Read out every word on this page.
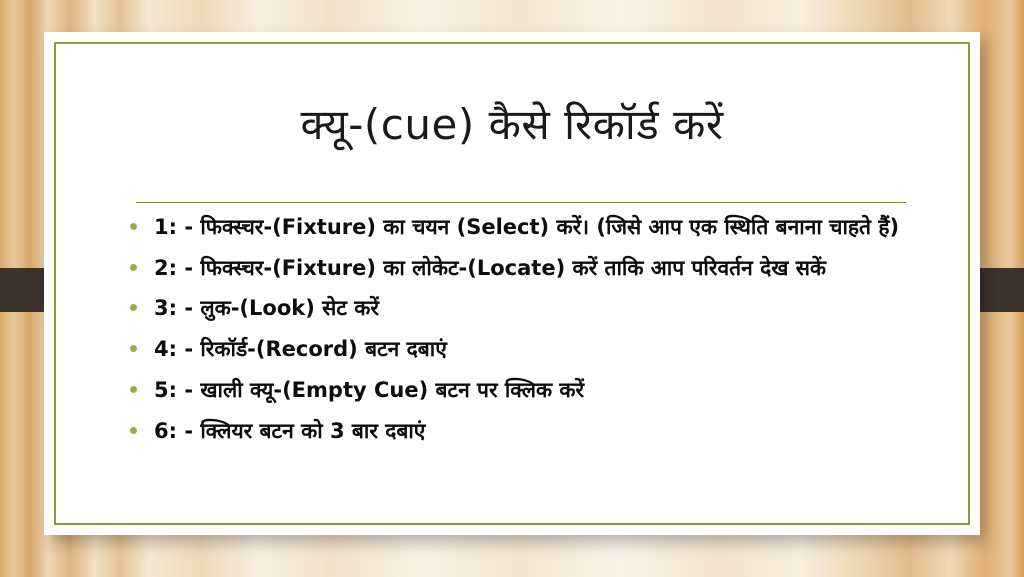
क्यू-(cue) कैसे रिकॉर्ड करें
1: - फिक्स्चर-(Fixture) का चयन (Select) करें। (जिसे आप एक स्थिति बनाना चाहते हैं)
2: - फिक्स्चर-(Fixture) का लोकेट-(Locate) करें ताकि आप परिवर्तन देख सकें
3: - लुक-(Look) सेट करें
4: - रिकॉर्ड-(Record) बटन दबाएं
5: - खाली क्यू-(Empty Cue) बटन पर क्लिक करें
6: - क्लियर बटन को 3 बार दबाएं
